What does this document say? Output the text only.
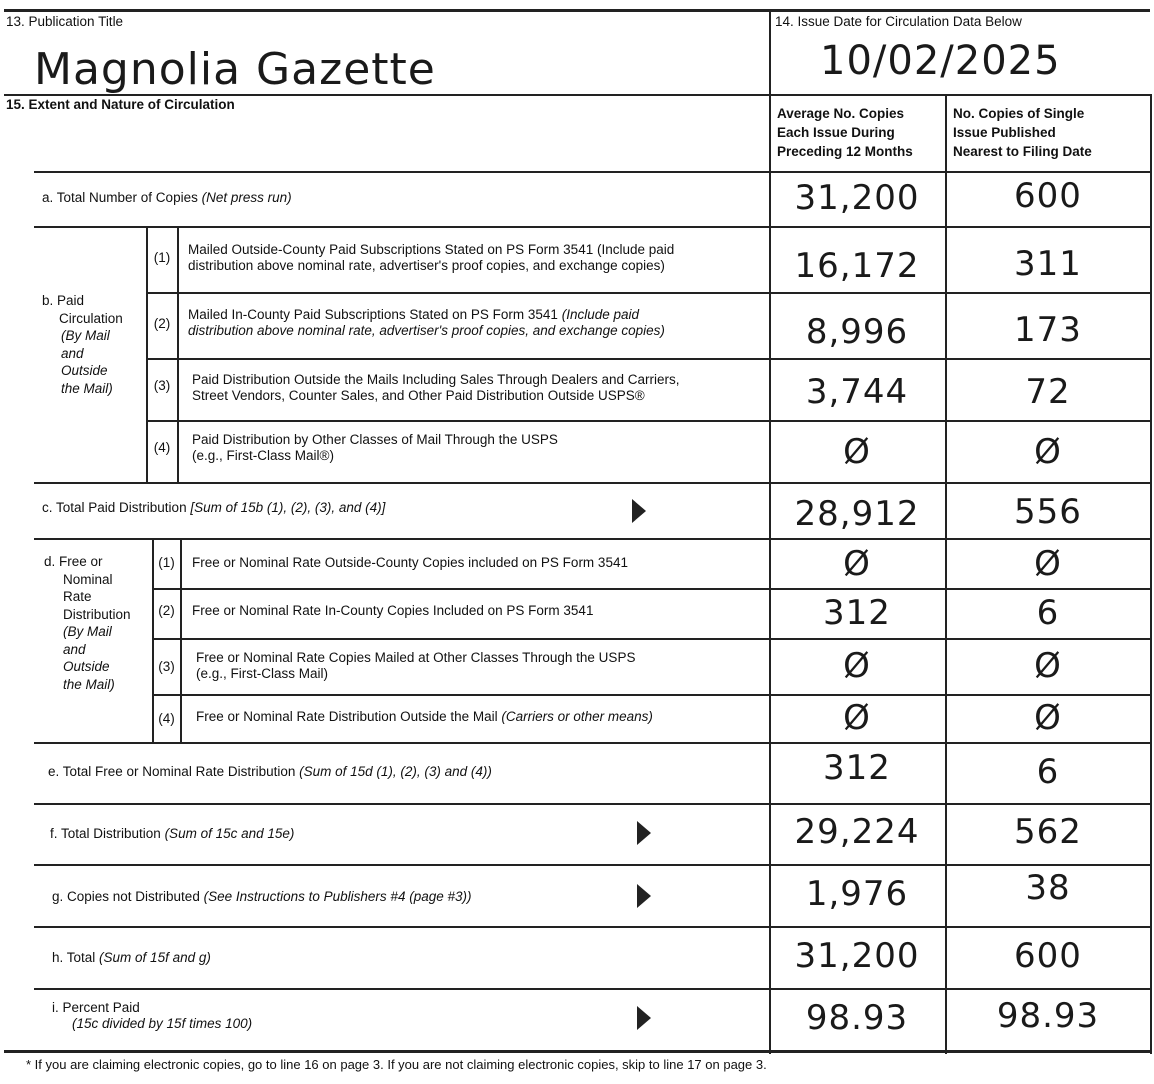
13. Publication Title
Magnolia Gazette
14. Issue Date for Circulation Data Below
10/02/2025
15. Extent and Nature of Circulation
Average No. Copies
Each Issue During
Preceding 12 Months
No. Copies of Single
Issue Published
Nearest to Filing Date
a. Total Number of Copies (Net press run)	31,200	600
b. Paid
Circulation
(By Mail
and
Outside
the Mail)
(1)
Mailed Outside-County Paid Subscriptions Stated on PS Form 3541 (Include paid
distribution above nominal rate, advertiser's proof copies, and exchange copies)	16,172	311
(2)
Mailed In-County Paid Subscriptions Stated on PS Form 3541 (Include paid
distribution above nominal rate, advertiser's proof copies, and exchange copies)	8,996	173
(3)	Paid Distribution Outside the Mails Including Sales Through Dealers and Carriers,
Street Vendors, Counter Sales, and Other Paid Distribution Outside USPS®	3,744	72
(4)
Paid Distribution by Other Classes of Mail Through the USPS
(e.g., First-Class Mail®)	Ø	Ø
c. Total Paid Distribution [Sum of 15b (1), (2), (3), and (4)]	28,912	556
d. Free or
Nominal
Rate
Distribution
(By Mail
and
Outside
the Mail)
(1)	Free or Nominal Rate Outside-County Copies included on PS Form 3541	Ø	Ø
(2)	Free or Nominal Rate In-County Copies Included on PS Form 3541	312	6
(3)
Free or Nominal Rate Copies Mailed at Other Classes Through the USPS
(e.g., First-Class Mail)	Ø	Ø
(4)	Free or Nominal Rate Distribution Outside the Mail (Carriers or other means)	Ø	Ø
e. Total Free or Nominal Rate Distribution (Sum of 15d (1), (2), (3) and (4))	312	6
f. Total Distribution (Sum of 15c and 15e)	29,224	562
g. Copies not Distributed (See Instructions to Publishers #4 (page #3))	1,976	38
h. Total (Sum of 15f and g)	31,200	600
i. Percent Paid
(15c divided by 15f times 100)	98.93	98.93
* If you are claiming electronic copies, go to line 16 on page 3. If you are not claiming electronic copies, skip to line 17 on page 3.
